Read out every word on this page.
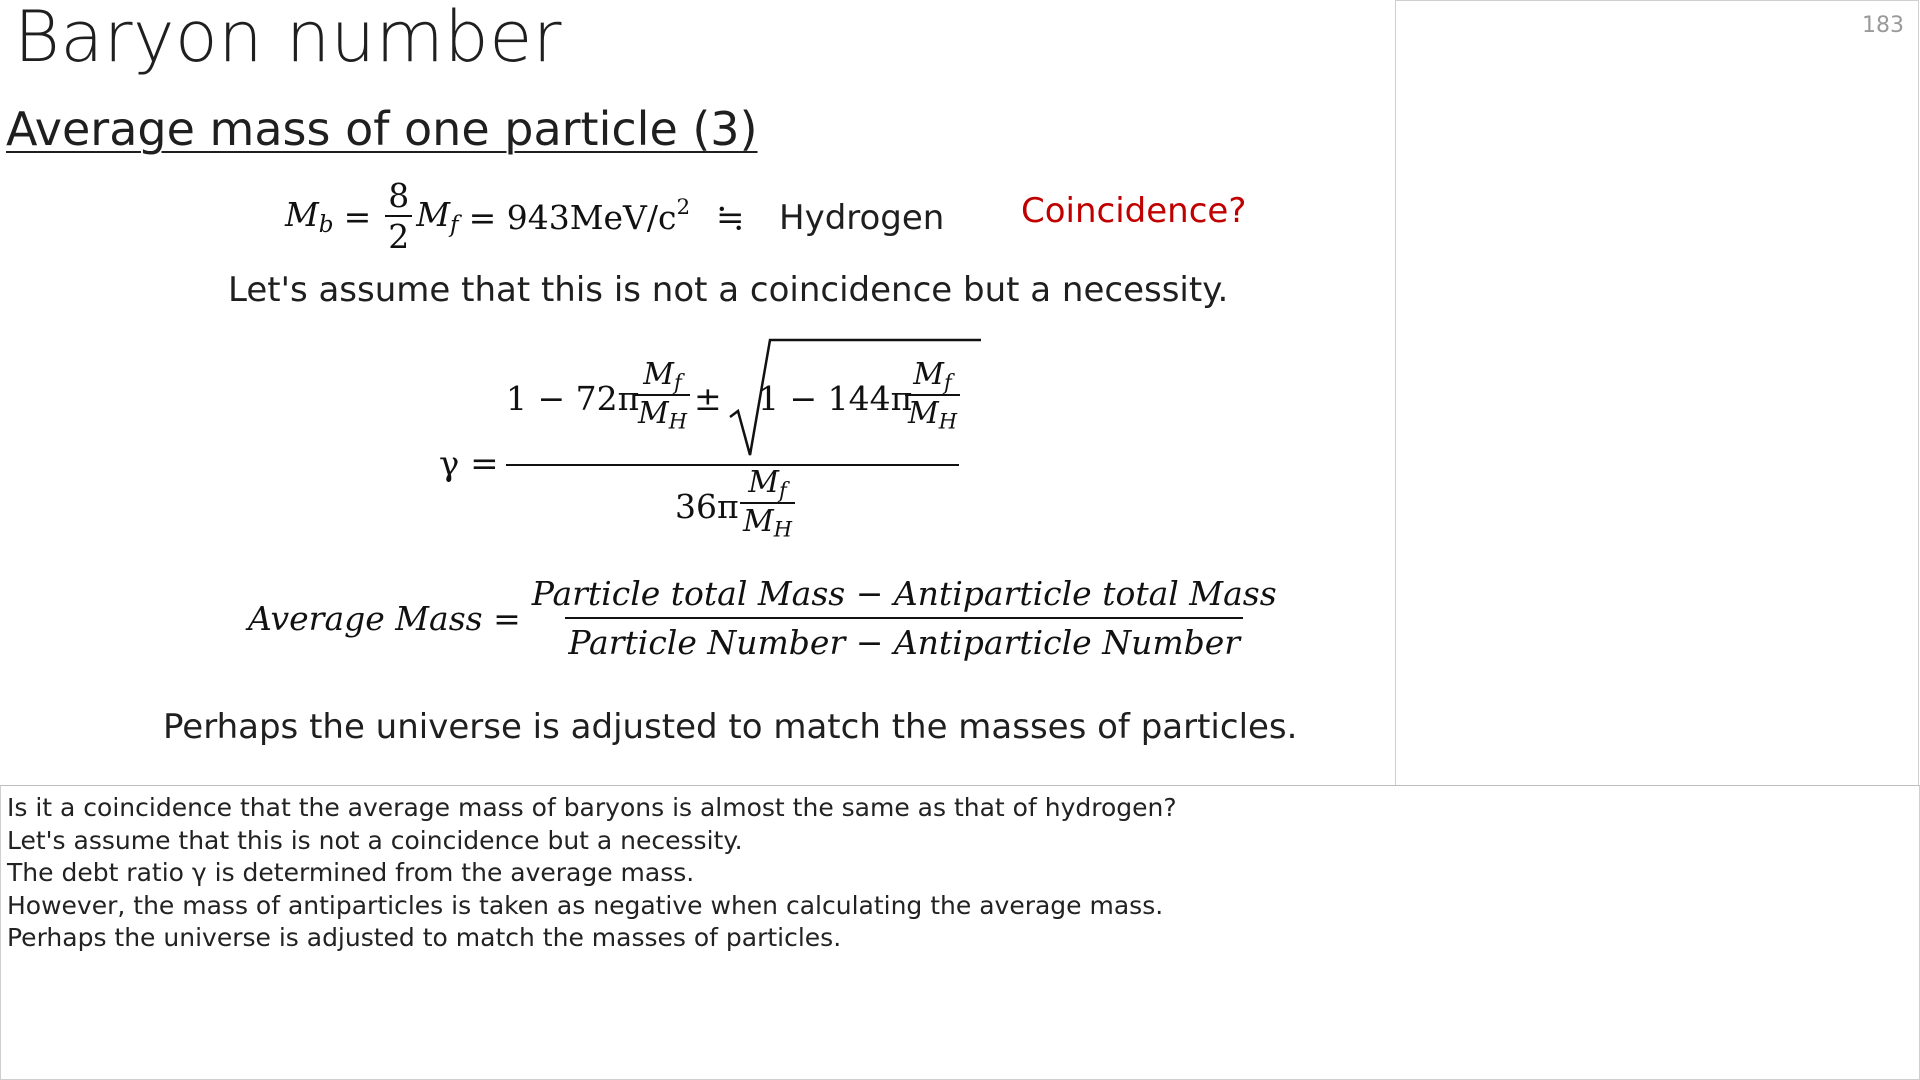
Baryon number
Average mass of one particle (3)
$M_b = \frac{8}{2} M_f = 943MeV/c^2$ ≒ Hydrogen Coincidence?
Let's assume that this is not a coincidence but a necessity.
γ =
1 − 72π
$\frac{M_f}{M_H} \pm 1 - 144\pi$
$\frac{M_f}{M_H}$
$36\pi \frac{M_f}{M_H}$
Average Mass = $\frac{\text{Particle total Mass − Antiparticle total Mass}}{\text{Particle Number − Antiparticle Number}}$
Perhaps the universe is adjusted to match the masses of particles.
183
Is it a coincidence that the average mass of baryons is almost the same as that of hydrogen?
Let's assume that this is not a coincidence but a necessity.
The debt ratio γ is determined from the average mass.
However, the mass of antiparticles is taken as negative when calculating the average mass.
Perhaps the universe is adjusted to match the masses of particles.
